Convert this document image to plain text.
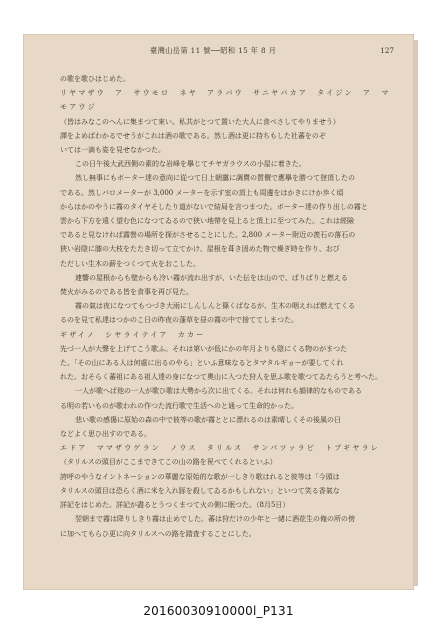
臺灣山岳第 11 號──昭和 15 年 8 月	127

の歌を歌ひはじめた。

リヤマザウ　ア　サウモロ　ネヤ　アラバウ　サニヤバカア　タイジン　ア　マモアウジ

（皆はみなこのへんに集まつて來い。私共がとつて置いた大人に食べさしてやりませう）

譯をよめばわかるでせうがこれは酒の歌である。然し酒は更に持ちもした社蕃をのぞ

いては一滴も姿を見せなかつた。

　この日午後大武西側の素的な岩峰を擧じてチヤガラウスの小屋に着きた。

　然し無事にもボーター達の意向に從つて日上朝靄に調賣の質價で應擧を勝つて登頂したの

である。然しバロメーターが 3,000 メーターを示す室の頂上も周邊をはかきにけか歩く頃

からはかのやうに霧のタイヤそしたり道がないで結局を言つまつた。ボーター達の作り出しの霧と

雲から下方を遠く望む色になつてゐるので狭い地帶を見上ると頂上に至つてみた。これは經險

であると見なければ露營の場所を探がさせることにした。2,800 メーター附近の羨石の落石の

狹い岩陰に膝の大枝をたたき切って立てかけ、屋根を葺き固めた物で燥ぎ時を作り、おび

ただしい生木の薪をつくつて火をおこした。

　連響の屋根からも壁からも冷い霧が流れ出すが、いた伝をは山ので、ばりばりと燃える

焚火がみるのである皆を食事を再び見た。

　霧の氣は夜になつてもつづき大雨にしんしんと篠くばなるが、生木の咽えれば燃えてくる

るのを見て私達はつかのこ日の昨夜の蓬草を昼の霧の中で捨ててしまつた。

ギザイノ　シヤライテイア　カカー

先づ一人が大聲を上げてこう歌ふ。それは第いが低にかの年月よりも陰にくる物のがまつた

た。「その山にある人は何處に出るのやら」といふ意味なるとタマタルギョーが要してくれ

れた。おそらく蕃祖にある祖人達の身になつて奧山に入つた狩人を思ふ歌を歌つてゐたらうと考へた。

　一人が歌へば他の一人が歌ひ歌は大勢から次に出てくる。それは何れも韻律的なものである

る明の若いものが歌われの作つた流行歌で生活へのと通って生命的かった。

　悲い歌の感傷に原始の森の中で彼等の歌が霧ととに漂れるのは素晴しくその後風の日

などよく思ひ出すのである。

エドア　ママザウゲラン　ノウス　タリルス　サンパツァラビ　トブギヤラレ

（タリルスの頭目がここまできてこの山の路を祝べてくれるといふ）

誇呼のやうなイントネーションの華麗な原始的な歌が一しきり歌はれると彼等は「今頭は

タリルスの頭目は恐らく酒に米を入れ豚を殺してゐるかもしれない」といつて笑る香氣な

詳記をはじめた。詳記が盡るとうつくまつて火の側に眠つた。（8月5日）

　翌朝まで霧は降りしきり霧は止めでした。蕃は狩だけの少年と一緒に酒花生の俺の所の傍

に加へてもらひ更に向タリルスへの路を踏査することにした。

20160030910000l_P131
